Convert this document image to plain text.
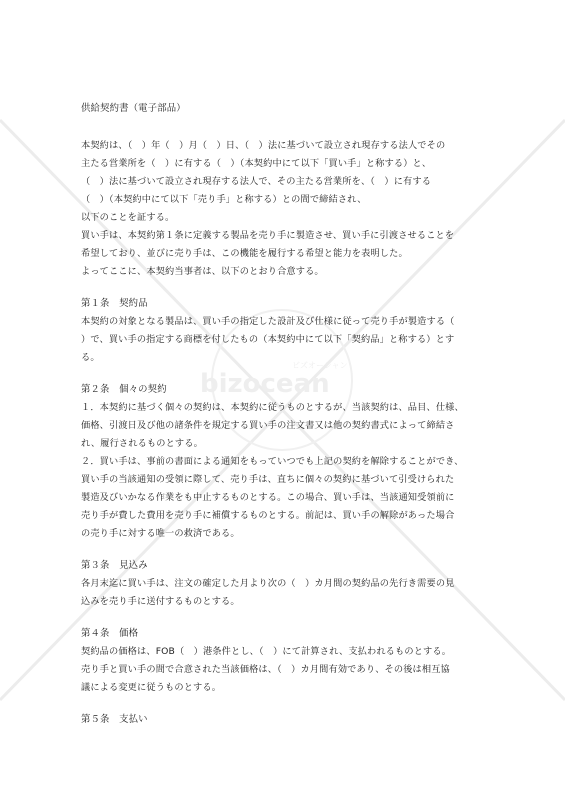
bizocean
ビズオーシャン
供給契約書（電子部品）
本契約は、（　）年（　）月（　）日、（　）法に基づいて設立され現存する法人でその
主たる営業所を（　）に有する（　）（本契約中にて以下「買い手」と称する）と、
（　）法に基づいて設立され現存する法人で、その主たる営業所を、（　）に有する
（　）（本契約中にて以下「売り手」と称する）との間で締結され、
以下のことを証する。
買い手は、本契約第１条に定義する製品を売り手に製造させ、買い手に引渡させることを
希望しており、並びに売り手は、この機能を履行する希望と能力を表明した。
よってここに、本契約当事者は、以下のとおり合意する。
第１条　契約品
本契約の対象となる製品は、買い手の指定した設計及び仕様に従って売り手が製造する（
）で、買い手の指定する商標を付したもの（本契約中にて以下「契約品」と称する）とす
る。
第２条　個々の契約
１．本契約に基づく個々の契約は、本契約に従うものとするが、当該契約は、品目、仕様、
価格、引渡日及び他の諸条件を規定する買い手の注文書又は他の契約書式によって締結さ
れ、履行されるものとする。
２．買い手は、事前の書面による通知をもっていつでも上記の契約を解除することができ、
買い手の当該通知の受領に際して、売り手は、直ちに個々の契約に基づいて引受けられた
製造及びいかなる作業をも中止するものとする。この場合、買い手は、当該通知受領前に
売り手が費した費用を売り手に補償するものとする。前記は、買い手の解除があった場合
の売り手に対する唯一の救済である。
第３条　見込み
各月末迄に買い手は、注文の確定した月より次の（　）カ月間の契約品の先行き需要の見
込みを売り手に送付するものとする。
第４条　価格
契約品の価格は、FOB（　）港条件とし、（　）にて計算され、支払われるものとする。
売り手と買い手の間で合意された当該価格は、（　）カ月間有効であり、その後は相互協
議による変更に従うものとする。
第５条　支払い
